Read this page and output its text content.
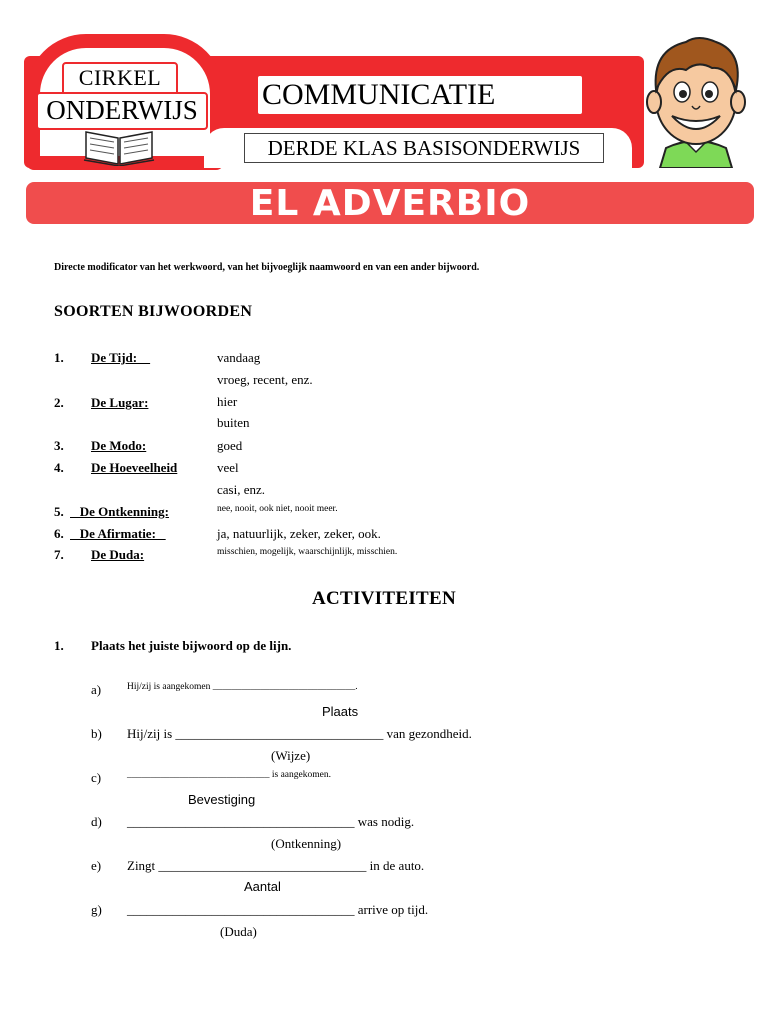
CIRKEL
ONDERWIJS	COMMUNICATIE
DERDE KLAS BASISONDERWIJS
EL ADVERBIO
Directe modificator van het werkwoord, van het bijvoeglijk naamwoord en van een ander bijwoord.
SOORTEN BIJWOORDEN
1. De Tijd:	vandaag
vroeg, recent, enz.
2. De Lugar:	hier
buiten
3. De Modo:	goed
4. De Hoeveelheid	veel
casi, enz.
5. De Ontkenning:	nee, nooit, ook niet, nooit meer.
6. De Afirmatie:	ja, natuurlijk, zeker, zeker, ook.
7. De Duda:	misschien, mogelijk, waarschijnlijk, misschien.
ACTIVITEITEN
1. Plaats het juiste bijwoord op de lijn.
a)	Hij/zij is aangekomen ______________________________.
Plaats
b) Hij/zij is ________________________________ van gezondheid.
(Wijze)
c)	______________________________ is aangekomen.
Bevestiging
d) ___________________________________ was nodig.
(Ontkenning)
e) Zingt ________________________________ in de auto.
Aantal
g) ___________________________________ arrive op tijd.
(Duda)
